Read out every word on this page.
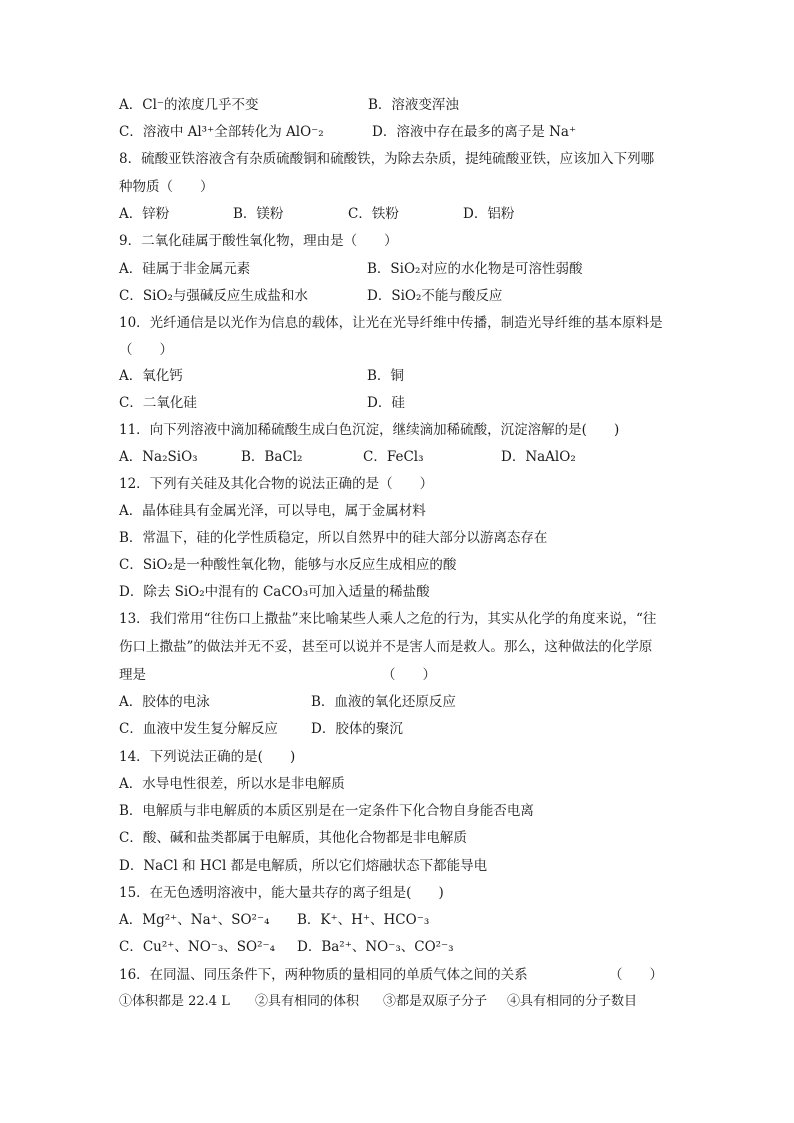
A．Cl⁻的浓度几乎不变	B．溶液变浑浊
C．溶液中 Al³⁺全部转化为 AlO⁻₂	D．溶液中存在最多的离子是 Na⁺
8．硫酸亚铁溶液含有杂质硫酸铜和硫酸铁，为除去杂质，提纯硫酸亚铁，应该加入下列哪
种物质（　　）
A．锌粉	B．镁粉	C．铁粉	D．铝粉
9．二氧化硅属于酸性氧化物，理由是（　　）
A．硅属于非金属元素	B．SiO₂对应的水化物是可溶性弱酸
C．SiO₂与强碱反应生成盐和水	D．SiO₂不能与酸反应
10．光纤通信是以光作为信息的载体，让光在光导纤维中传播，制造光导纤维的基本原料是
（　　）
A．氧化钙	B．铜
C．二氧化硅	D．硅
11．向下列溶液中滴加稀硫酸生成白色沉淀，继续滴加稀硫酸，沉淀溶解的是(　　)
A．Na₂SiO₃	B．BaCl₂	C．FeCl₃	D．NaAlO₂
12．下列有关硅及其化合物的说法正确的是（　　）
A．晶体硅具有金属光泽，可以导电，属于金属材料
B．常温下，硅的化学性质稳定，所以自然界中的硅大部分以游离态存在
C．SiO₂是一种酸性氧化物，能够与水反应生成相应的酸
D．除去 SiO₂中混有的 CaCO₃可加入适量的稀盐酸
13．我们常用“往伤口上撒盐”来比喻某些人乘人之危的行为，其实从化学的角度来说，“往
伤口上撒盐”的做法并无不妥，甚至可以说并不是害人而是救人。那么，这种做法的化学原
理是	（　　）
A．胶体的电泳	B．血液的氧化还原反应
C．血液中发生复分解反应 D．胶体的聚沉
14．下列说法正确的是(　　)
A．水导电性很差，所以水是非电解质
B．电解质与非电解质的本质区别是在一定条件下化合物自身能否电离
C．酸、碱和盐类都属于电解质，其他化合物都是非电解质
D．NaCl 和 HCl 都是电解质，所以它们熔融状态下都能导电
15．在无色透明溶液中，能大量共存的离子组是(　　)
A．Mg²⁺、Na⁺、SO²⁻₄ B．K⁺、H⁺、HCO⁻₃
C．Cu²⁺、NO⁻₃、SO²⁻₄ D．Ba²⁺、NO⁻₃、CO²⁻₃
16．在同温、同压条件下，两种物质的量相同的单质气体之间的关系	（　　）
①体积都是 22.4 L ②具有相同的体积 ③都是双原子分子 ④具有相同的分子数目
